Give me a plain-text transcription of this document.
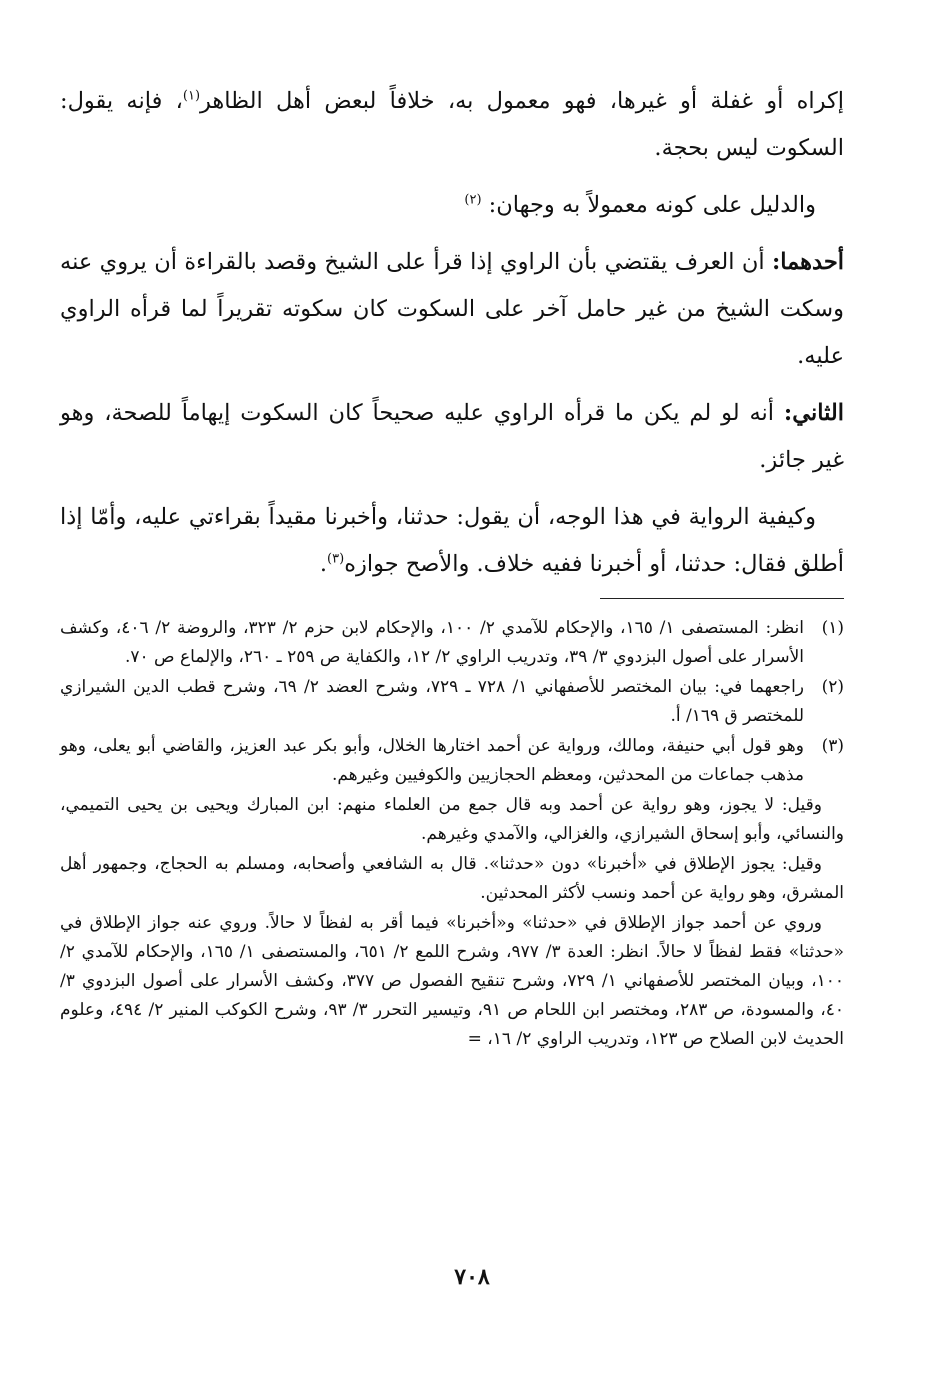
إكراه أو غفلة أو غيرها، فهو معمول به، خلافاً لبعض أهل الظاهر$^{(١)}$، فإنه يقول: السكوت ليس بحجة.

والدليل على كونه معمولاً به وجهان: $^{(٢)}$

أحدهما: أن العرف يقتضي بأن الراوي إذا قرأ على الشيخ وقصد بالقراءة أن يروي عنه وسكت الشيخ من غير حامل آخر على السكوت كان سكوته تقريراً لما قرأه الراوي عليه.

الثاني: أنه لو لم يكن ما قرأه الراوي عليه صحيحاً كان السكوت إيهاماً للصحة، وهو غير جائز.

وكيفية الرواية في هذا الوجه، أن يقول: حدثنا، وأخبرنا مقيداً بقراءتي عليه، وأمّا إذا أطلق فقال: حدثنا، أو أخبرنا ففيه خلاف. والأصح جوازه$^{(٣)}$.

(١)
انظر: المستصفى ١/ ١٦٥، والإحكام للآمدي ٢/ ١٠٠، والإحكام لابن حزم ٢/ ٣٢٣، والروضة ٢/ ٤٠٦، وكشف الأسرار على أصول البزدوي ٣/ ٣٩، وتدريب الراوي ٢/ ١٢، والكفاية ص ٢٥٩ ـ ٢٦٠، والإلماع ص ٧٠.
(٢)
راجعهما في: بيان المختصر للأصفهاني ١/ ٧٢٨ ـ ٧٢٩، وشرح العضد ٢/ ٦٩، وشرح قطب الدين الشيرازي للمختصر ق ١٦٩/ أ.
(٣)
وهو قول أبي حنيفة، ومالك، ورواية عن أحمد اختارها الخلال، وأبو بكر عبد العزيز، والقاضي أبو يعلى، وهو مذهب جماعات من المحدثين، ومعظم الحجازيين والكوفيين وغيرهم.

وقيل: لا يجوز، وهو رواية عن أحمد وبه قال جمع من العلماء منهم: ابن المبارك ويحيى بن يحيى التميمي، والنسائي، وأبو إسحاق الشيرازي، والغزالي، والآمدي وغيرهم.

وقيل: يجوز الإطلاق في «أخبرنا» دون «حدثنا». قال به الشافعي وأصحابه، ومسلم به الحجاج، وجمهور أهل المشرق، وهو رواية عن أحمد ونسب لأكثر المحدثين.

وروي عن أحمد جواز الإطلاق في «حدثنا» و«أخبرنا» فيما أقر به لفظاً لا حالاً. وروي عنه جواز الإطلاق في «حدثنا» فقط لفظاً لا حالاً. انظر: العدة ٣/ ٩٧٧، وشرح اللمع ٢/ ٦٥١، والمستصفى ١/ ١٦٥، والإحكام للآمدي ٢/ ١٠٠، وبيان المختصر للأصفهاني ١/ ٧٢٩، وشرح تنقيح الفصول ص ٣٧٧، وكشف الأسرار على أصول البزدوي ٣/ ٤٠، والمسودة، ص ٢٨٣، ومختصر ابن اللحام ص ٩١، وتيسير التحرر ٣/ ٩٣، وشرح الكوكب المنير ٢/ ٤٩٤، وعلوم الحديث لابن الصلاح ص ١٢٣، وتدريب الراوي ٢/ ١٦، =

٧٠٨
